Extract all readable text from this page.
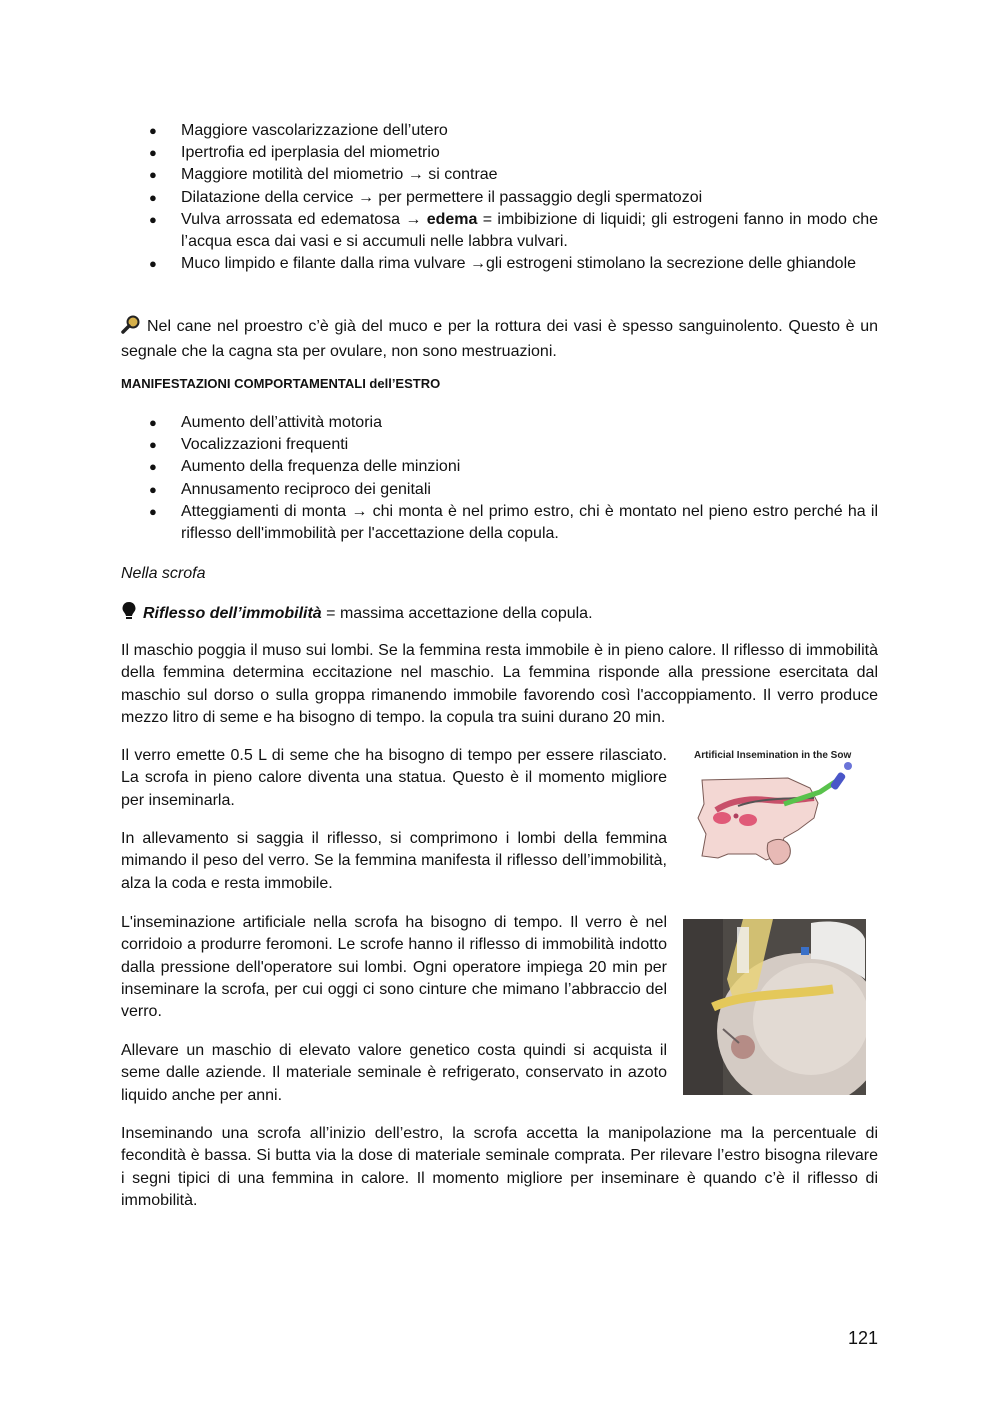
● Maggiore vascolarizzazione dell’utero
● Ipertrofia ed iperplasia del miometrio
● Maggiore motilità del miometrio → si contrae
● Dilatazione della cervice → per permettere il passaggio degli spermatozoi
● Vulva arrossata ed edematosa → edema = imbibizione di liquidi; gli estrogeni fanno in modo che l’acqua esca dai vasi e si accumuli nelle labbra vulvari.
● Muco limpido e filante dalla rima vulvare →gli estrogeni stimolano la secrezione delle ghiandole

Nel cane nel proestro c’è già del muco e per la rottura dei vasi è spesso sanguinolento. Questo è un segnale che la cagna sta per ovulare, non sono mestruazioni.

MANIFESTAZIONI COMPORTAMENTALI dell’ESTRO

● Aumento dell’attività motoria
● Vocalizzazioni frequenti
● Aumento della frequenza delle minzioni
● Annusamento reciproco dei genitali
● Atteggiamenti di monta → chi monta è nel primo estro, chi è montato nel pieno estro perché ha il riflesso dell'immobilità per l'accettazione della copula.

Nella scrofa

Riflesso dell’immobilità = massima accettazione della copula.

Il maschio poggia il muso sui lombi. Se la femmina resta immobile è in pieno calore. Il riflesso di immobilità della femmina determina eccitazione nel maschio. La femmina risponde alla pressione esercitata dal maschio sul dorso o sulla groppa rimanendo immobile favorendo così l'accoppiamento. Il verro produce mezzo litro di seme e ha bisogno di tempo. la copula tra suini durano 20 min.

Il verro emette 0.5 L di seme che ha bisogno di tempo per essere rilasciato. La scrofa in pieno calore diventa una statua. Questo è il momento migliore per inseminarla.

In allevamento si saggia il riflesso, si comprimono i lombi della femmina mimando il peso del verro. Se la femmina manifesta il riflesso dell’immobilità, alza la coda e resta immobile.

L'inseminazione artificiale nella scrofa ha bisogno di tempo. Il verro è nel corridoio a produrre feromoni. Le scrofe hanno il riflesso di immobilità indotto dalla pressione dell'operatore sui lombi. Ogni operatore impiega 20 min per inseminare la scrofa, per cui oggi ci sono cinture che mimano l’abbraccio del verro.

Allevare un maschio di elevato valore genetico costa quindi si acquista il seme dalle aziende. Il materiale seminale è refrigerato, conservato in azoto liquido anche per anni.

Inseminando una scrofa all’inizio dell’estro, la scrofa accetta la manipolazione ma la percentuale di fecondità è bassa. Si butta via la dose di materiale seminale comprata. Per rilevare l’estro bisogna rilevare i segni tipici di una femmina in calore. Il momento migliore per inseminare è quando c’è il riflesso di immobilità.

Artificial Insemination in the Sow
121
